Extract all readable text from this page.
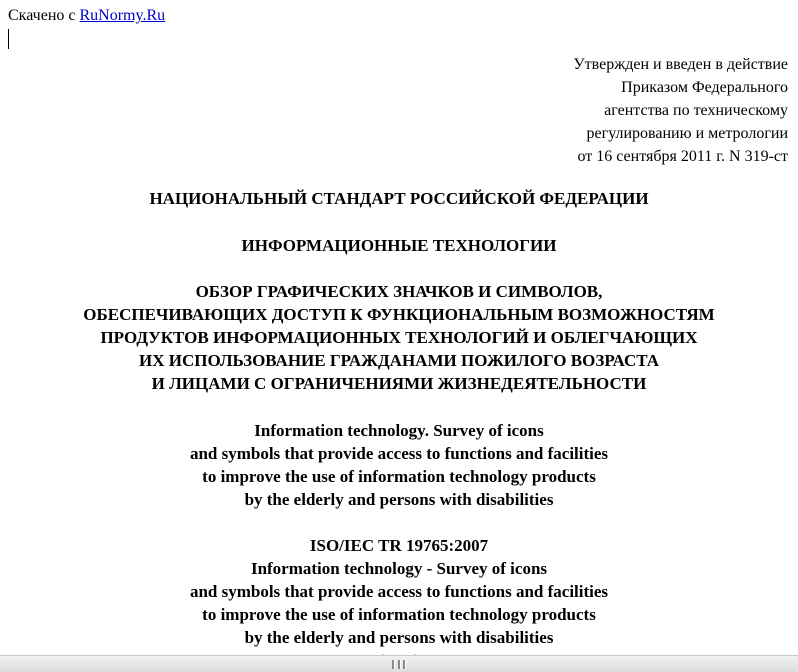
Скачено с RuNormy.Ru
Утвержден и введен в действие
Приказом Федерального
агентства по техническому
регулированию и метрологии
от 16 сентября 2011 г. N 319-ст
НАЦИОНАЛЬНЫЙ СТАНДАРТ РОССИЙСКОЙ ФЕДЕРАЦИИ
ИНФОРМАЦИОННЫЕ ТЕХНОЛОГИИ
ОБЗОР ГРАФИЧЕСКИХ ЗНАЧКОВ И СИМВОЛОВ,
ОБЕСПЕЧИВАЮЩИХ ДОСТУП К ФУНКЦИОНАЛЬНЫМ ВОЗМОЖНОСТЯМ
ПРОДУКТОВ ИНФОРМАЦИОННЫХ ТЕХНОЛОГИЙ И ОБЛЕГЧАЮЩИХ
ИХ ИСПОЛЬЗОВАНИЕ ГРАЖДАНАМИ ПОЖИЛОГО ВОЗРАСТА
И ЛИЦАМИ С ОГРАНИЧЕНИЯМИ ЖИЗНЕДЕЯТЕЛЬНОСТИ
Information technology. Survey of icons
and symbols that provide access to functions and facilities
to improve the use of information technology products
by the elderly and persons with disabilities
ISO/IEC TR 19765:2007
Information technology - Survey of icons
and symbols that provide access to functions and facilities
to improve the use of information technology products
by the elderly and persons with disabilities
